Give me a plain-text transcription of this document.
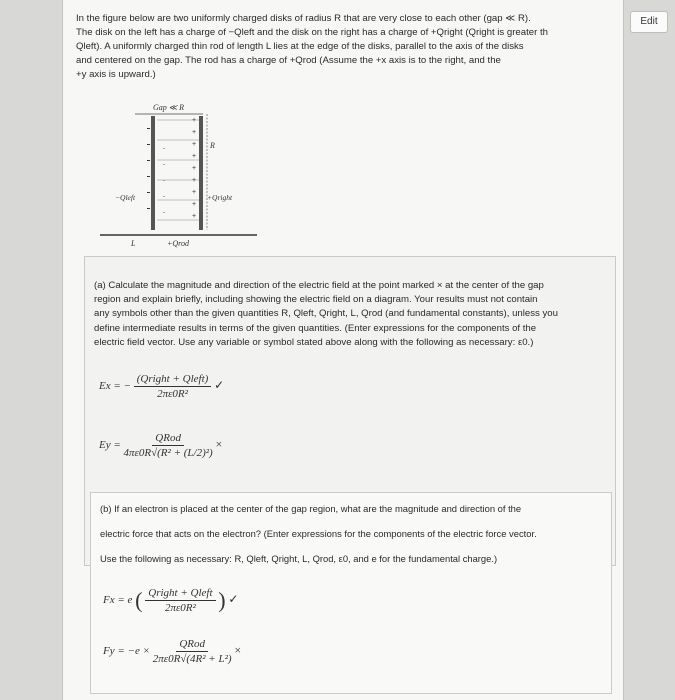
Edit

In the figure below are two uniformly charged disks of radius R that are very close to each other (gap ≪ R).

The disk on the left has a charge of −Qleft and the disk on the right has a charge of +Qright (Qright is greater th

Qleft). A uniformly charged thin rod of length L lies at the edge of the disks, parallel to the axis of the disks

and centered on the gap. The rod has a charge of +Qrod (Assume the +x axis is to the right, and the

+y axis is upward.)

Gap ≪ R
R
+
+
+
+
+
+
+
+
+
-
-
-
-
-
−Qleft	+Qright
L	+Qrod

(a) Calculate the magnitude and direction of the electric field at the point marked × at the center of the gap

region and explain briefly, including showing the electric field on a diagram. Your results must not contain

any symbols other than the given quantities R, Qleft, Qright, L, Qrod (and fundamental constants), unless you

define intermediate results in terms of the given quantities. (Enter expressions for the components of the

electric field vector. Use any variable or symbol stated above along with the following as necessary: ε0.)

Ex = − $\frac{\text{(Qright + Qleft)}}{\text{2πε0R²}}$ ✓
$Ey = \frac{\text{QRod}}{\text{4πε0R√(R² + (L/2)²)}}$ ×

(b) If an electron is placed at the center of the gap region, what are the magnitude and direction of the

electric force that acts on the electron? (Enter expressions for the components of the electric force vector.

Use the following as necessary: R, Qleft, Qright, L, Qrod, ε0, and e for the fundamental charge.)

Fx = e ( $\frac{\text{Qright + Qleft}}{\text{2πε0R²}}$ ) ✓
$Fy = -e \times \frac{\text{QRod}}{\text{2πε0R√(4R² + L²)}}$ ×
